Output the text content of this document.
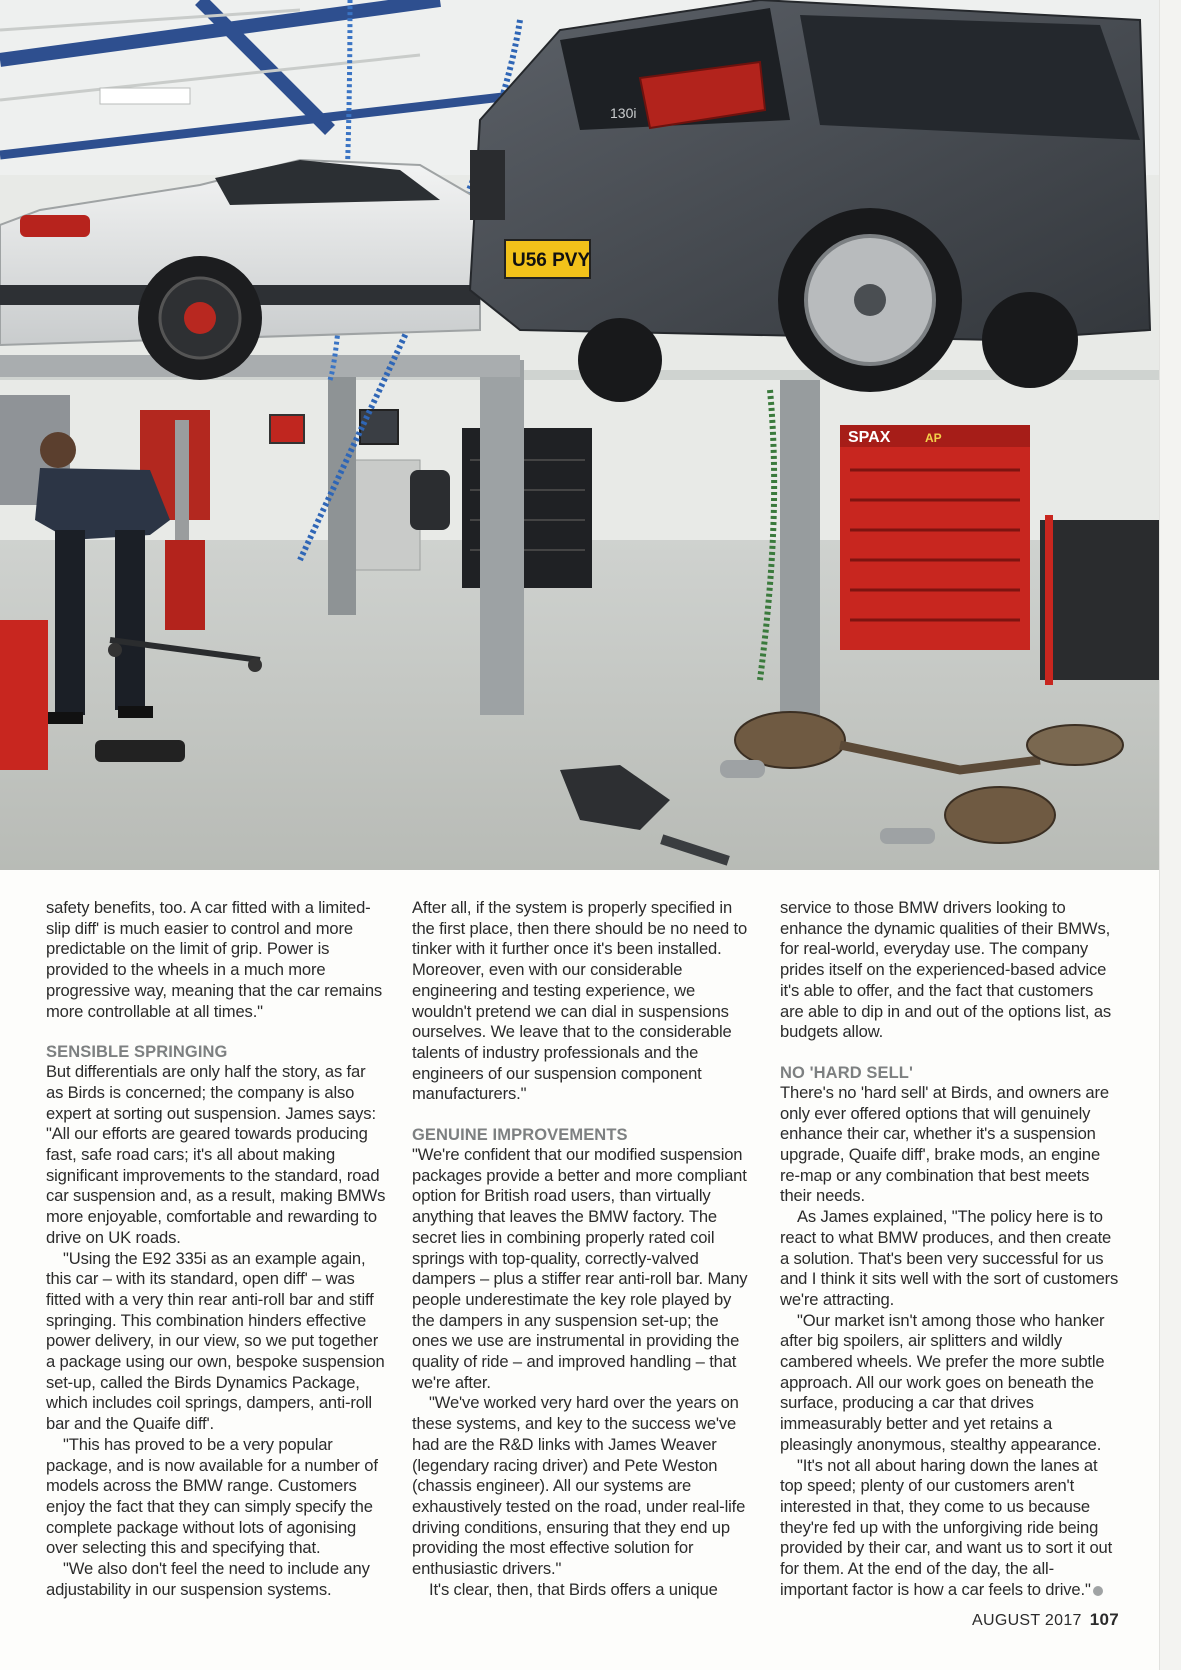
SPAX	AP
130i
U56 PVY

safety benefits, too. A car fitted with a limited-slip diff' is much easier to control and more predictable on the limit of grip. Power is provided to the wheels in a much more progressive way, meaning that the car remains more controllable at all times."

SENSIBLE SPRINGING

But differentials are only half the story, as far as Birds is concerned; the company is also expert at sorting out suspension. James says: "All our efforts are geared towards producing fast, safe road cars; it's all about making significant improvements to the standard, road car suspension and, as a result, making BMWs more enjoyable, comfortable and rewarding to drive on UK roads.

"Using the E92 335i as an example again, this car – with its standard, open diff' – was fitted with a very thin rear anti-roll bar and stiff springing. This combination hinders effective power delivery, in our view, so we put together a package using our own, bespoke suspension set-up, called the Birds Dynamics Package, which includes coil springs, dampers, anti-roll bar and the Quaife diff'.

"This has proved to be a very popular package, and is now available for a number of models across the BMW range. Customers enjoy the fact that they can simply specify the complete package without lots of agonising over selecting this and specifying that.

"We also don't feel the need to include any adjustability in our suspension systems.

After all, if the system is properly specified in the first place, then there should be no need to tinker with it further once it's been installed. Moreover, even with our considerable engineering and testing experience, we wouldn't pretend we can dial in suspensions ourselves. We leave that to the considerable talents of industry professionals and the engineers of our suspension component manufacturers."

GENUINE IMPROVEMENTS

"We're confident that our modified suspension packages provide a better and more compliant option for British road users, than virtually anything that leaves the BMW factory. The secret lies in combining properly rated coil springs with top-quality, correctly-valved dampers – plus a stiffer rear anti-roll bar. Many people underestimate the key role played by the dampers in any suspension set-up; the ones we use are instrumental in providing the quality of ride – and improved handling – that we're after.

"We've worked very hard over the years on these systems, and key to the success we've had are the R&D links with James Weaver (legendary racing driver) and Pete Weston (chassis engineer). All our systems are exhaustively tested on the road, under real-life driving conditions, ensuring that they end up providing the most effective solution for enthusiastic drivers."

It's clear, then, that Birds offers a unique

service to those BMW drivers looking to enhance the dynamic qualities of their BMWs, for real-world, everyday use. The company prides itself on the experienced-based advice it's able to offer, and the fact that customers are able to dip in and out of the options list, as budgets allow.

NO 'HARD SELL'

There's no 'hard sell' at Birds, and owners are only ever offered options that will genuinely enhance their car, whether it's a suspension upgrade, Quaife diff', brake mods, an engine re-map or any combination that best meets their needs.

As James explained, "The policy here is to react to what BMW produces, and then create a solution. That's been very successful for us and I think it sits well with the sort of customers we're attracting.

"Our market isn't among those who hanker after big spoilers, air splitters and wildly cambered wheels. We prefer the more subtle approach. All our work goes on beneath the surface, producing a car that drives immeasurably better and yet retains a pleasingly anonymous, stealthy appearance.

"It's not all about haring down the lanes at top speed; plenty of our customers aren't interested in that, they come to us because they're fed up with the unforgiving ride being provided by their car, and want us to sort it out for them. At the end of the day, the all-important factor is how a car feels to drive."

AUGUST 2017 107
